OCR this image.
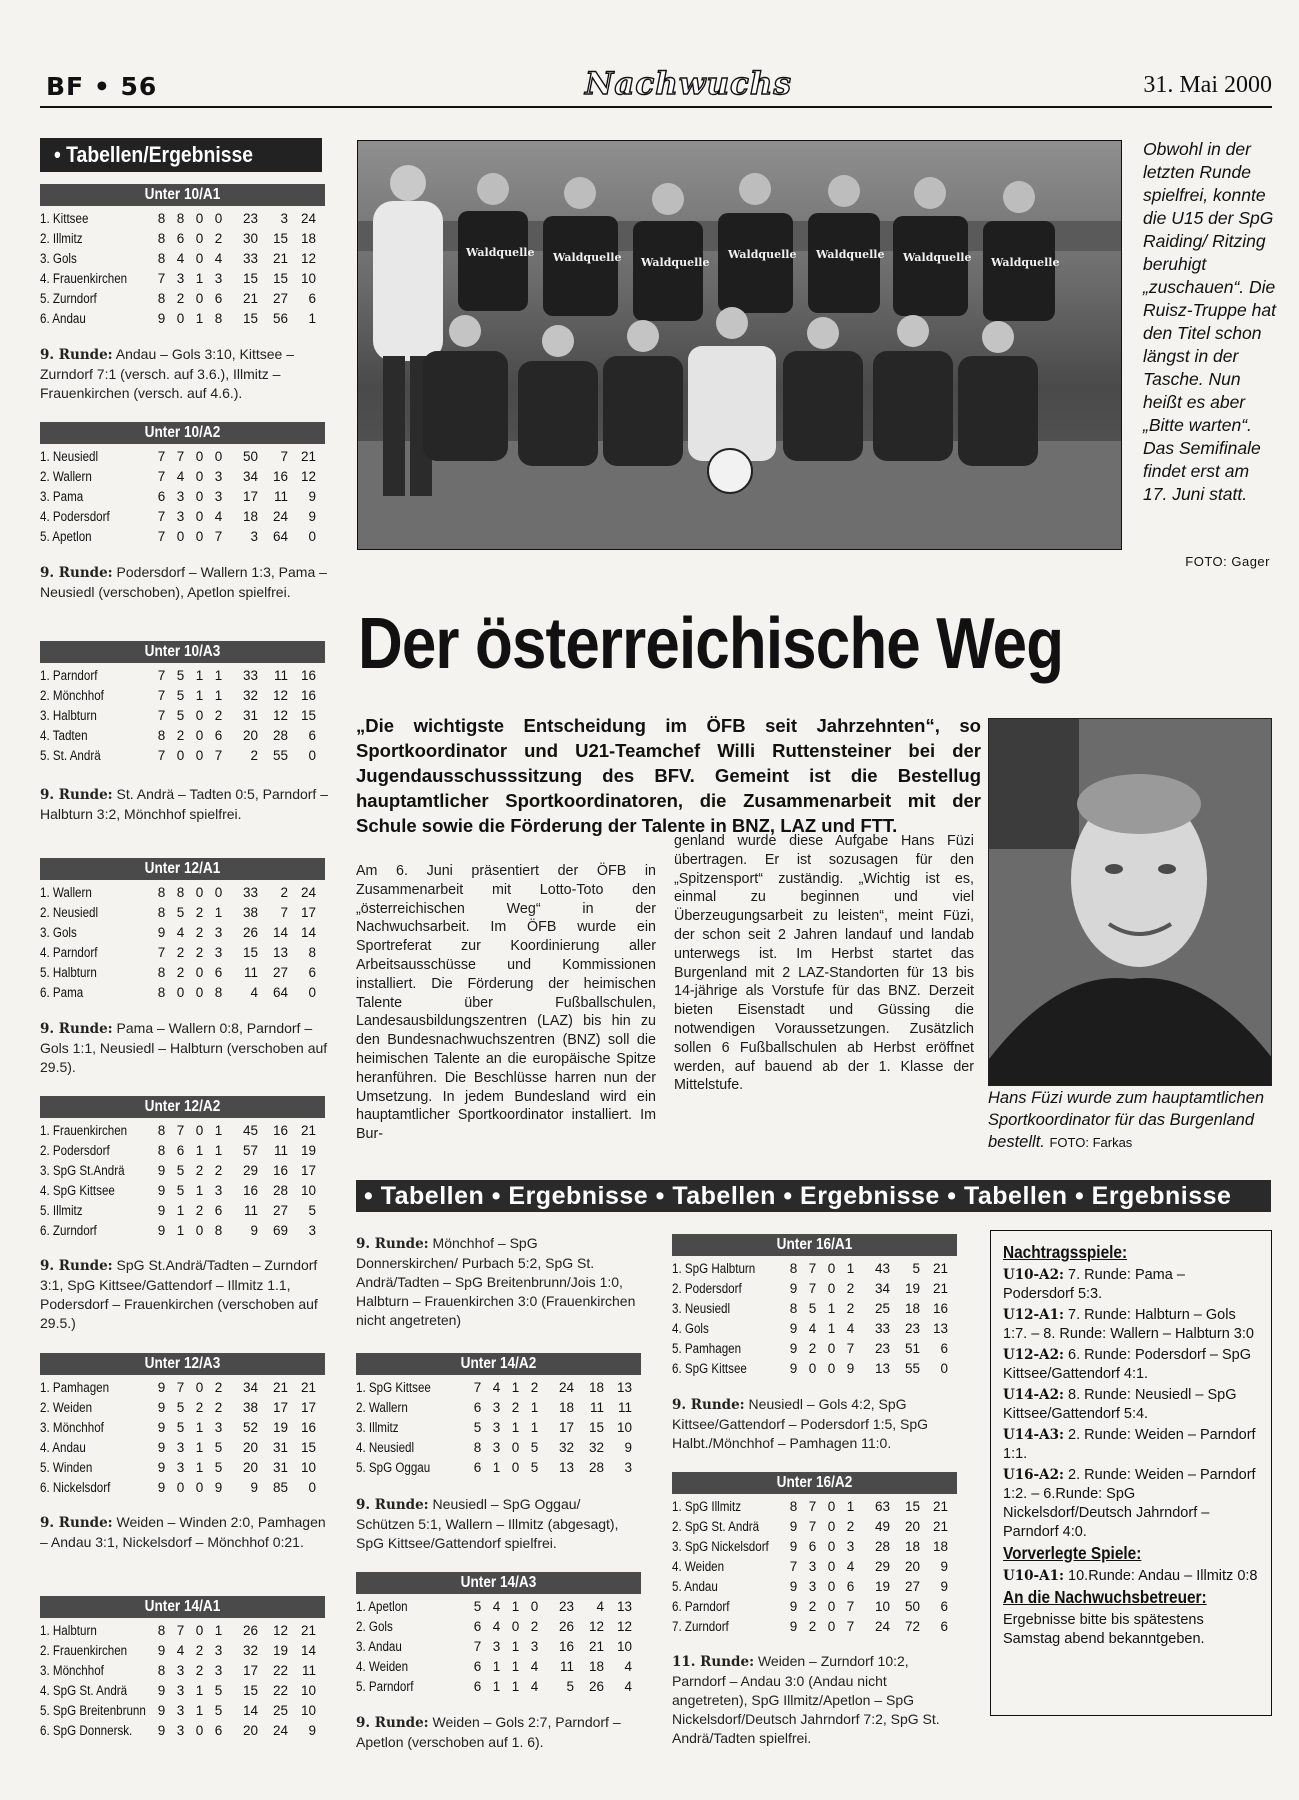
BF • 56	Nachwuchs	31. Mai 2000
• Tabellen/Ergebnisse
Unter 10/A1
1. Kittsee	8 8 0 0	23	3 24
2. Illmitz	8 6 0 2	30	15 18
3. Gols	8 4 0 4	33	21 12
4. Frauenkirchen	7 3 1 3	15	15 10
5. Zurndorf	8 2 0 6	21	27	6
6. Andau	9 0 1 8	15	56	1
9. Runde: Andau – Gols 3:10, Kittsee – Zurndorf 7:1 (versch. auf 3.6.), Illmitz – Frauenkirchen (versch. auf 4.6.).
Unter 10/A2
1. Neusiedl	7 7 0 0	50	7 21
2. Wallern	7 4 0 3	34	16 12
3. Pama	6 3 0 3	17	11	9
4. Podersdorf	7 3 0 4	18	24	9
5. Apetlon	7 0 0 7	3	64	0
9. Runde: Podersdorf – Wallern 1:3, Pama – Neusiedl (verschoben), Apetlon spielfrei.
Unter 10/A3
1. Parndorf	7 5 1 1	33	11 16
2. Mönchhof	7 5 1 1	32	12 16
3. Halbturn	7 5 0 2	31	12 15
4. Tadten	8 2 0 6	20	28	6
5. St. Andrä	7 0 0 7	2	55	0
9. Runde: St. Andrä – Tadten 0:5, Parndorf – Halbturn 3:2, Mönchhof spielfrei.
Unter 12/A1
1. Wallern	8 8 0 0	33	2 24
2. Neusiedl	8 5 2 1	38	7 17
3. Gols	9 4 2 3	26	14 14
4. Parndorf	7 2 2 3	15	13	8
5. Halbturn	8 2 0 6	11	27	6
6. Pama	8 0 0 8	4	64	0
9. Runde: Pama – Wallern 0:8, Parndorf – Gols 1:1, Neusiedl – Halbturn (verschoben auf 29.5).
Unter 12/A2
1. Frauenkirchen	8 7 0 1	45	16 21
2. Podersdorf	8 6 1 1	57	11 19
3. SpG St.Andrä	9 5 2 2	29	16 17
4. SpG Kittsee	9 5 1 3	16	28 10
5. Illmitz	9 1 2 6	11	27	5
6. Zurndorf	9 1 0 8	9	69	3
9. Runde: SpG St.Andrä/Tadten – Zurndorf 3:1, SpG Kittsee/Gattendorf – Illmitz 1.1, Podersdorf – Frauenkirchen (verschoben auf 29.5.)
Unter 12/A3
1. Pamhagen	9 7 0 2	34	21 21
2. Weiden	9 5 2 2	38	17 17
3. Mönchhof	9 5 1 3	52	19 16
4. Andau	9 3 1 5	20	31 15
5. Winden	9 3 1 5	20	31 10
6. Nickelsdorf	9 0 0 9	9	85	0
9. Runde: Weiden – Winden 2:0, Pamhagen – Andau 3:1, Nickelsdorf – Mönchhof 0:21.
Unter 14/A1
1. Halbturn	8 7 0 1	26	12 21
2. Frauenkirchen	9 4 2 3	32	19 14
3. Mönchhof	8 3 2 3	17	22	11
4. SpG St. Andrä	9 3 1 5	15	22 10
5. SpG Breitenbrunn 9 3 1 5	14	25 10
6. SpG Donnersk.	9 3 0 6	20	24	9
9. Runde: Mönchhof – SpG Donnerskirchen/ Purbach 5:2, SpG St. Andrä/Tadten – SpG Breitenbrunn/Jois 1:0, Halbturn – Frauenkirchen 3:0 (Frauenkirchen nicht angetreten)
Unter 14/A2
1. SpG Kittsee	7 4 1 2	24	18 13
2. Wallern	6 3 2 1	18	11	11
3. Illmitz	5 3 1 1	17	15 10
4. Neusiedl	8 3 0 5	32	32	9
5. SpG Oggau	6 1 0 5	13	28	3
9. Runde: Neusiedl – SpG Oggau/ Schützen 5:1, Wallern – Illmitz (abgesagt), SpG Kittsee/Gattendorf spielfrei.
Unter 14/A3
1. Apetlon	5 4 1 0	23	4 13
2. Gols	6 4 0 2	26	12 12
3. Andau	7 3 1 3	16	21 10
4. Weiden	6 1 1 4	11	18	4
5. Parndorf	6 1 1 4	5	26	4
9. Runde: Weiden – Gols 2:7, Parndorf – Apetlon (verschoben auf 1. 6).
Unter 16/A1
1. SpG Halbturn	8 7 0 1	43	5 21
2. Podersdorf	9 7 0 2	34	19 21
3. Neusiedl	8 5 1 2	25	18 16
4. Gols	9 4 1 4	33	23 13
5. Pamhagen	9 2 0 7	23	51	6
6. SpG Kittsee	9 0 0 9	13	55	0
9. Runde: Neusiedl – Gols 4:2, SpG Kittsee/Gattendorf – Podersdorf 1:5, SpG Halbt./Mönchhof – Pamhagen 11:0.
Unter 16/A2
1. SpG Illmitz	8 7 0 1	63	15 21
2. SpG St. Andrä	9 7 0 2	49	20 21
3. SpG Nickelsdorf	9 6 0 3	28	18 18
4. Weiden	7 3 0 4	29	20	9
5. Andau	9 3 0 6	19	27	9
6. Parndorf	9 2 0 7	10	50	6
7. Zurndorf	9 2 0 7	24	72	6
11. Runde: Weiden – Zurndorf 10:2, Parndorf – Andau 3:0 (Andau nicht angetreten), SpG Illmitz/Apetlon – SpG Nickelsdorf/Deutsch Jahrndorf 7:2, SpG St. Andrä/Tadten spielfrei.
Waldquelle Waldquelle Waldquelle
Waldquelle Waldquelle Waldquelle Waldquelle
Obwohl in der letzten Runde spielfrei, konnte die U15 der SpG Raiding/ Ritzing beruhigt „zuschauen“. Die Ruisz-Truppe hat den Titel schon längst in der Tasche. Nun heißt es aber „Bitte warten“. Das Semifinale findet erst am 17. Juni statt.
FOTO: Gager
Der österreichische Weg
„Die wichtigste Entscheidung im ÖFB seit Jahrzehnten“, so Sportkoordinator und U21-Teamchef Willi Ruttensteiner bei der Jugendausschusssitzung des BFV. Gemeint ist die Bestellug hauptamtlicher Sportkoordinatoren, die Zusammenarbeit mit der Schule sowie die Förderung der Talente in BNZ, LAZ und FTT.
Am 6. Juni präsentiert der ÖFB in Zusammenarbeit mit Lotto-Toto den „österreichischen Weg“ in der Nachwuchsarbeit. Im ÖFB wurde ein Sportreferat zur Koordinierung aller Arbeitsausschüsse und Kommissionen installiert. Die Förderung der heimischen Talente über Fußballschulen, Landesausbildungszentren (LAZ) bis hin zu den Bundesnachwuchszentren (BNZ) soll die heimischen Talente an die europäische Spitze heranführen. Die Beschlüsse harren nun der Umsetzung. In jedem Bundesland wird ein hauptamtlicher Sportkoordinator installiert. Im Bur-
genland wurde diese Aufgabe Hans Füzi übertragen. Er ist sozusagen für den „Spitzensport“ zuständig. „Wichtig ist es, einmal zu beginnen und viel Überzeugungsarbeit zu leisten“, meint Füzi, der schon seit 2 Jahren landauf und landab unterwegs ist. Im Herbst startet das Burgenland mit 2 LAZ-Standorten für 13 bis 14-jährige als Vorstufe für das BNZ. Derzeit bieten Eisenstadt und Güssing die notwendigen Voraussetzungen. Zusätzlich sollen 6 Fußballschulen ab Herbst eröffnet werden, auf bauend ab der 1. Klasse der Mittelstufe.
Hans Füzi wurde zum hauptamtlichen Sportkoordinator für das Burgenland bestellt. FOTO: Farkas
• Tabellen • Ergebnisse • Tabellen • Ergebnisse • Tabellen • Ergebnisse
Nachtragsspiele:

U10-A2: 7. Runde: Pama – Podersdorf 5:3.

U12-A1: 7. Runde: Halbturn – Gols 1:7. – 8. Runde: Wallern – Halbturn 3:0

U12-A2: 6. Runde: Podersdorf – SpG Kittsee/Gattendorf 4:1.

U14-A2: 8. Runde: Neusiedl – SpG Kittsee/Gattendorf 5:4.

U14-A3: 2. Runde: Weiden – Parndorf 1:1.

U16-A2: 2. Runde: Weiden – Parndorf 1:2. – 6.Runde: SpG Nickelsdorf/Deutsch Jahrndorf – Parndorf 4:0.

Vorverlegte Spiele:

U10-A1: 10.Runde: Andau – Illmitz 0:8

An die Nachwuchsbetreuer:

Ergebnisse bitte bis spätestens Samstag abend bekanntgeben.
